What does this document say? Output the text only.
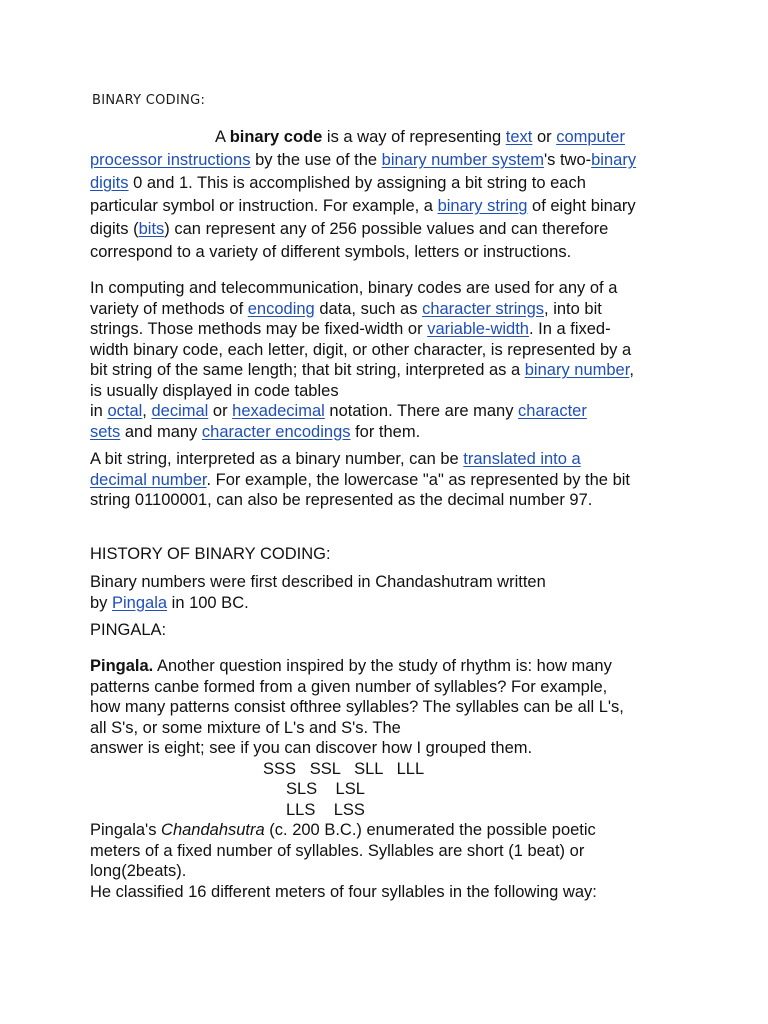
BINARY CODING:

A binary code is a way of representing text or computer
processor instructions by the use of the binary number system's two-binary
digits 0 and 1. This is accomplished by assigning a bit string to each
particular symbol or instruction. For example, a binary string of eight binary
digits (bits) can represent any of 256 possible values and can therefore
correspond to a variety of different symbols, letters or instructions.

In computing and telecommunication, binary codes are used for any of a
variety of methods of encoding data, such as character strings, into bit
strings. Those methods may be fixed-width or variable-width. In a fixed-
width binary code, each letter, digit, or other character, is represented by a
bit string of the same length; that bit string, interpreted as a binary number,
is usually displayed in code tables
in octal, decimal or hexadecimal notation. There are many character
sets and many character encodings for them.

A bit string, interpreted as a binary number, can be translated into a
decimal number. For example, the lowercase "a" as represented by the bit
string 01100001, can also be represented as the decimal number 97.

HISTORY OF BINARY CODING:

Binary numbers were first described in Chandashutram written
by Pingala in 100 BC.

PINGALA:

Pingala. Another question inspired by the study of rhythm is: how many
patterns canbe formed from a given number of syllables? For example,
how many patterns consist ofthree syllables? The syllables can be all L's,
all S's, or some mixture of L's and S's. The
answer is eight; see if you can discover how I grouped them.
SSS   SSL   SLL   LLL
SLS    LSL
LLS    LSS
Pingala's Chandahsutra (c. 200 B.C.) enumerated the possible poetic
meters of a fixed number of syllables. Syllables are short (1 beat) or
long(2beats).
He classified 16 different meters of four syllables in the following way:
